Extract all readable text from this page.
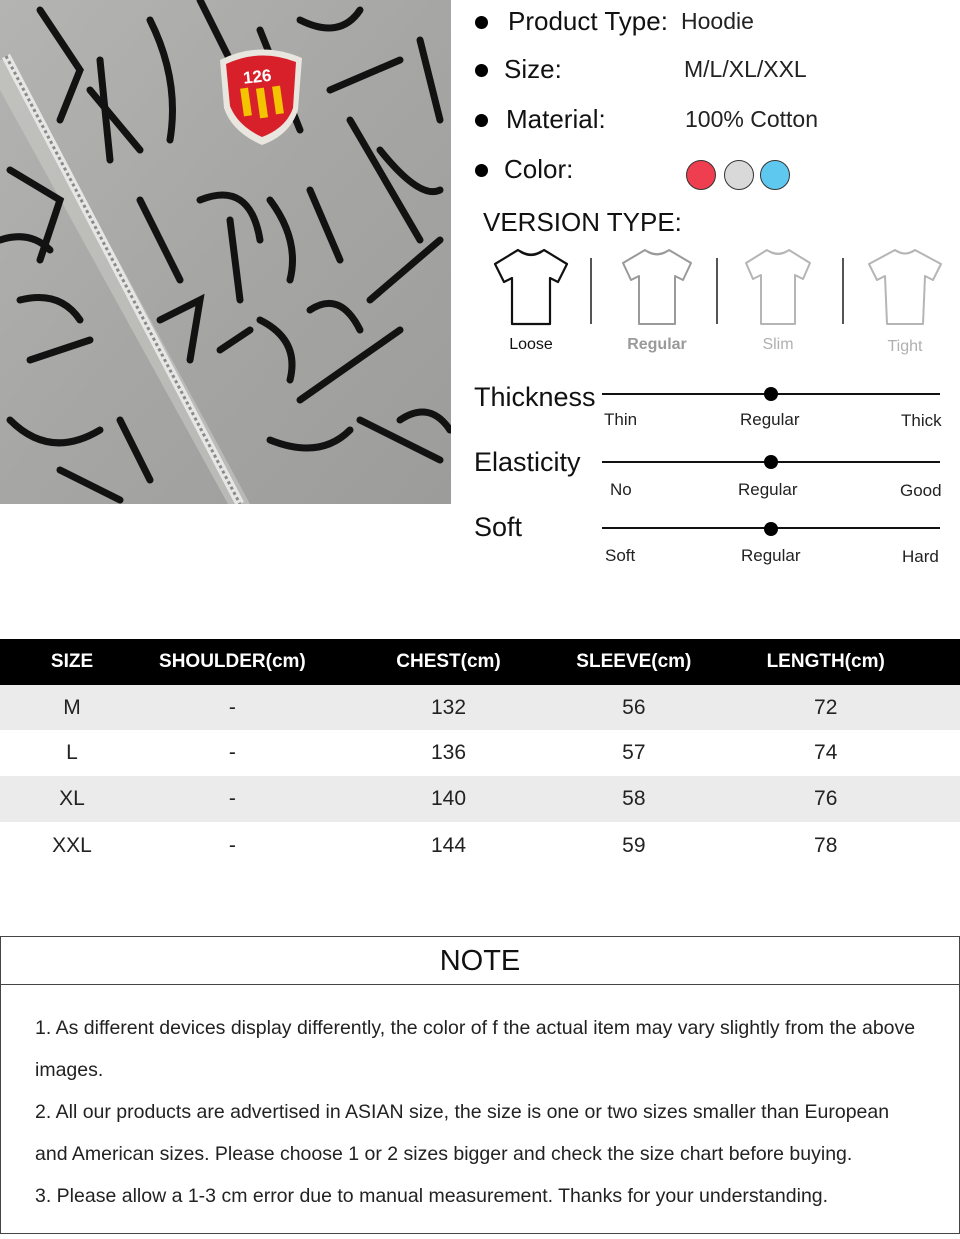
126
Product Type: Hoodie
Size:	M/L/XL/XXL
Material:	100% Cotton
Color:
VERSION TYPE:
Loose	Regular	Slim	Tight
Thickness
Thin	Regular	Thick
Elasticity
No	Regular	Good
Soft
Soft	Regular	Hard
SIZE	SHOULDER(cm)	CHEST(cm)	SLEEVE(cm)	LENGTH(cm)
M	-	132	56	72
L	-	136	57	74
XL	-	140	58	76
XXL	-	144	59	78
NOTE

1. As different devices display differently, the color of f the actual item may vary slightly from the above images.

2. All our products are advertised in ASIAN size, the size is one or two sizes smaller than European and American sizes. Please choose 1 or 2 sizes bigger and check the size chart before buying.

3. Please allow a 1-3 cm error due to manual measurement. Thanks for your understanding.
